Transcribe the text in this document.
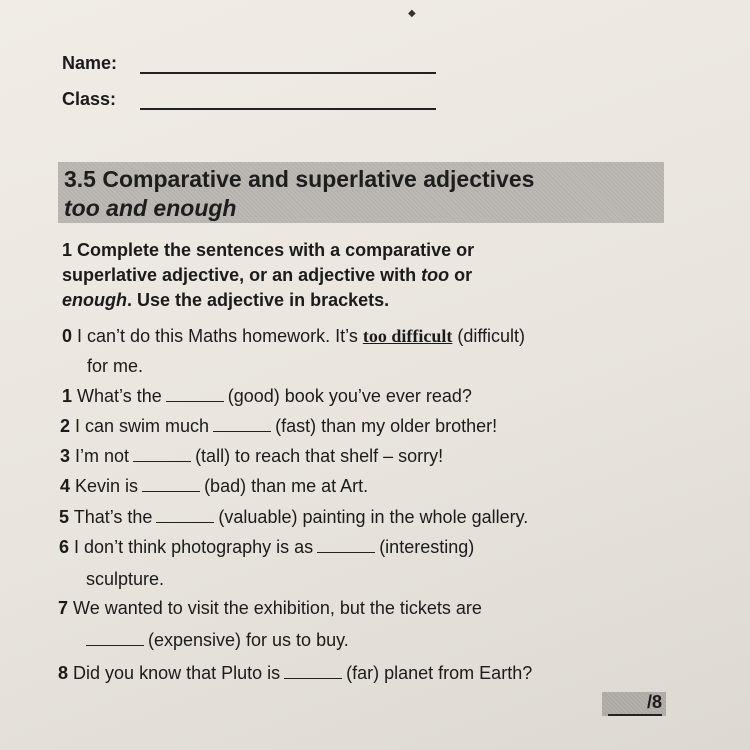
◆
Name:
Class:
3.5 Comparative and superlative adjectives
too and enough
1 Complete the sentences with a comparative or
superlative adjective, or an adjective with too or
enough. Use the adjective in brackets.
0 I can’t do this Maths homework. It’s too difficult (difficult)
for me.
1 What’s the	(good) book you’ve ever read?
2 I can swim much	(fast) than my older brother!
3 I’m not	(tall) to reach that shelf – sorry!
4 Kevin is	(bad) than me at Art.
5 That’s the	(valuable) painting in the whole gallery.
6 I don’t think photography is as	(interesting)
sculpture.
7 We wanted to visit the exhibition, but the tickets are
(expensive) for us to buy.
8 Did you know that Pluto is	(far) planet from Earth?
/8
